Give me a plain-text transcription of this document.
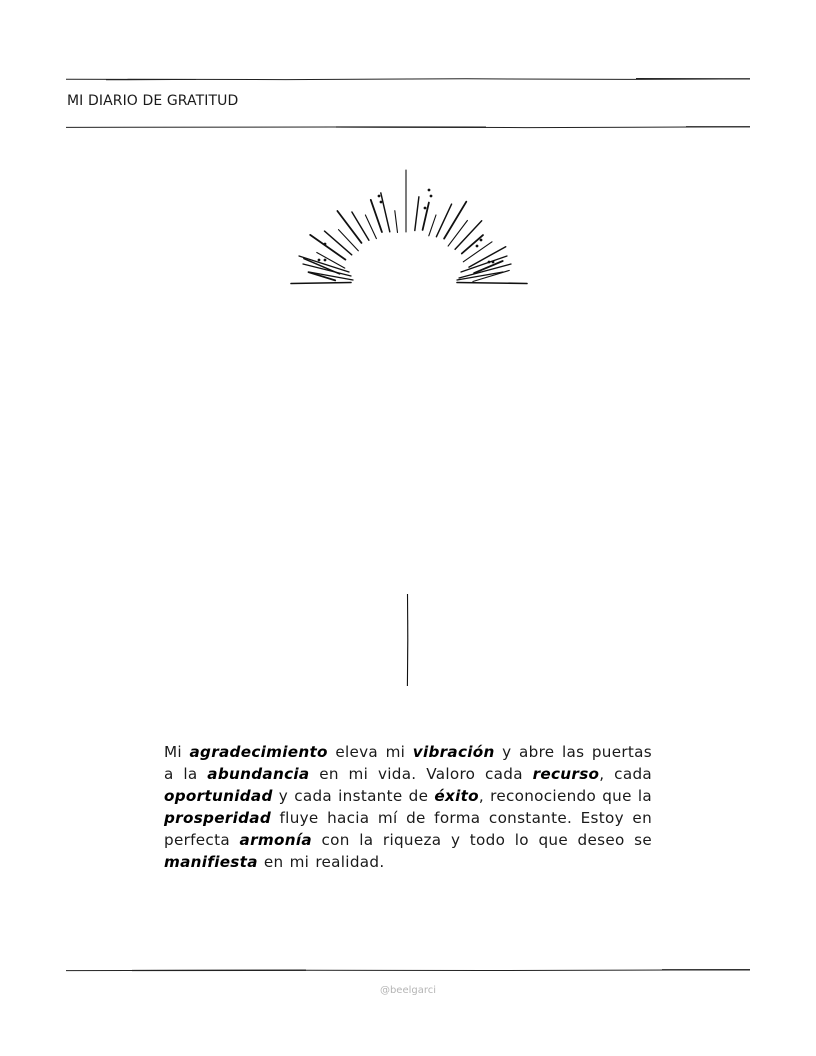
MI DIARIO DE GRATITUD

Mi agradecimiento eleva mi vibración y abre las puertas a la abundancia en mi vida. Valoro cada recurso, cada oportunidad y cada instante de éxito, reconociendo que la prosperidad fluye hacia mí de forma constante. Estoy en perfecta armonía con la riqueza y todo lo que deseo se manifiesta en mi realidad.

@beelgarci
